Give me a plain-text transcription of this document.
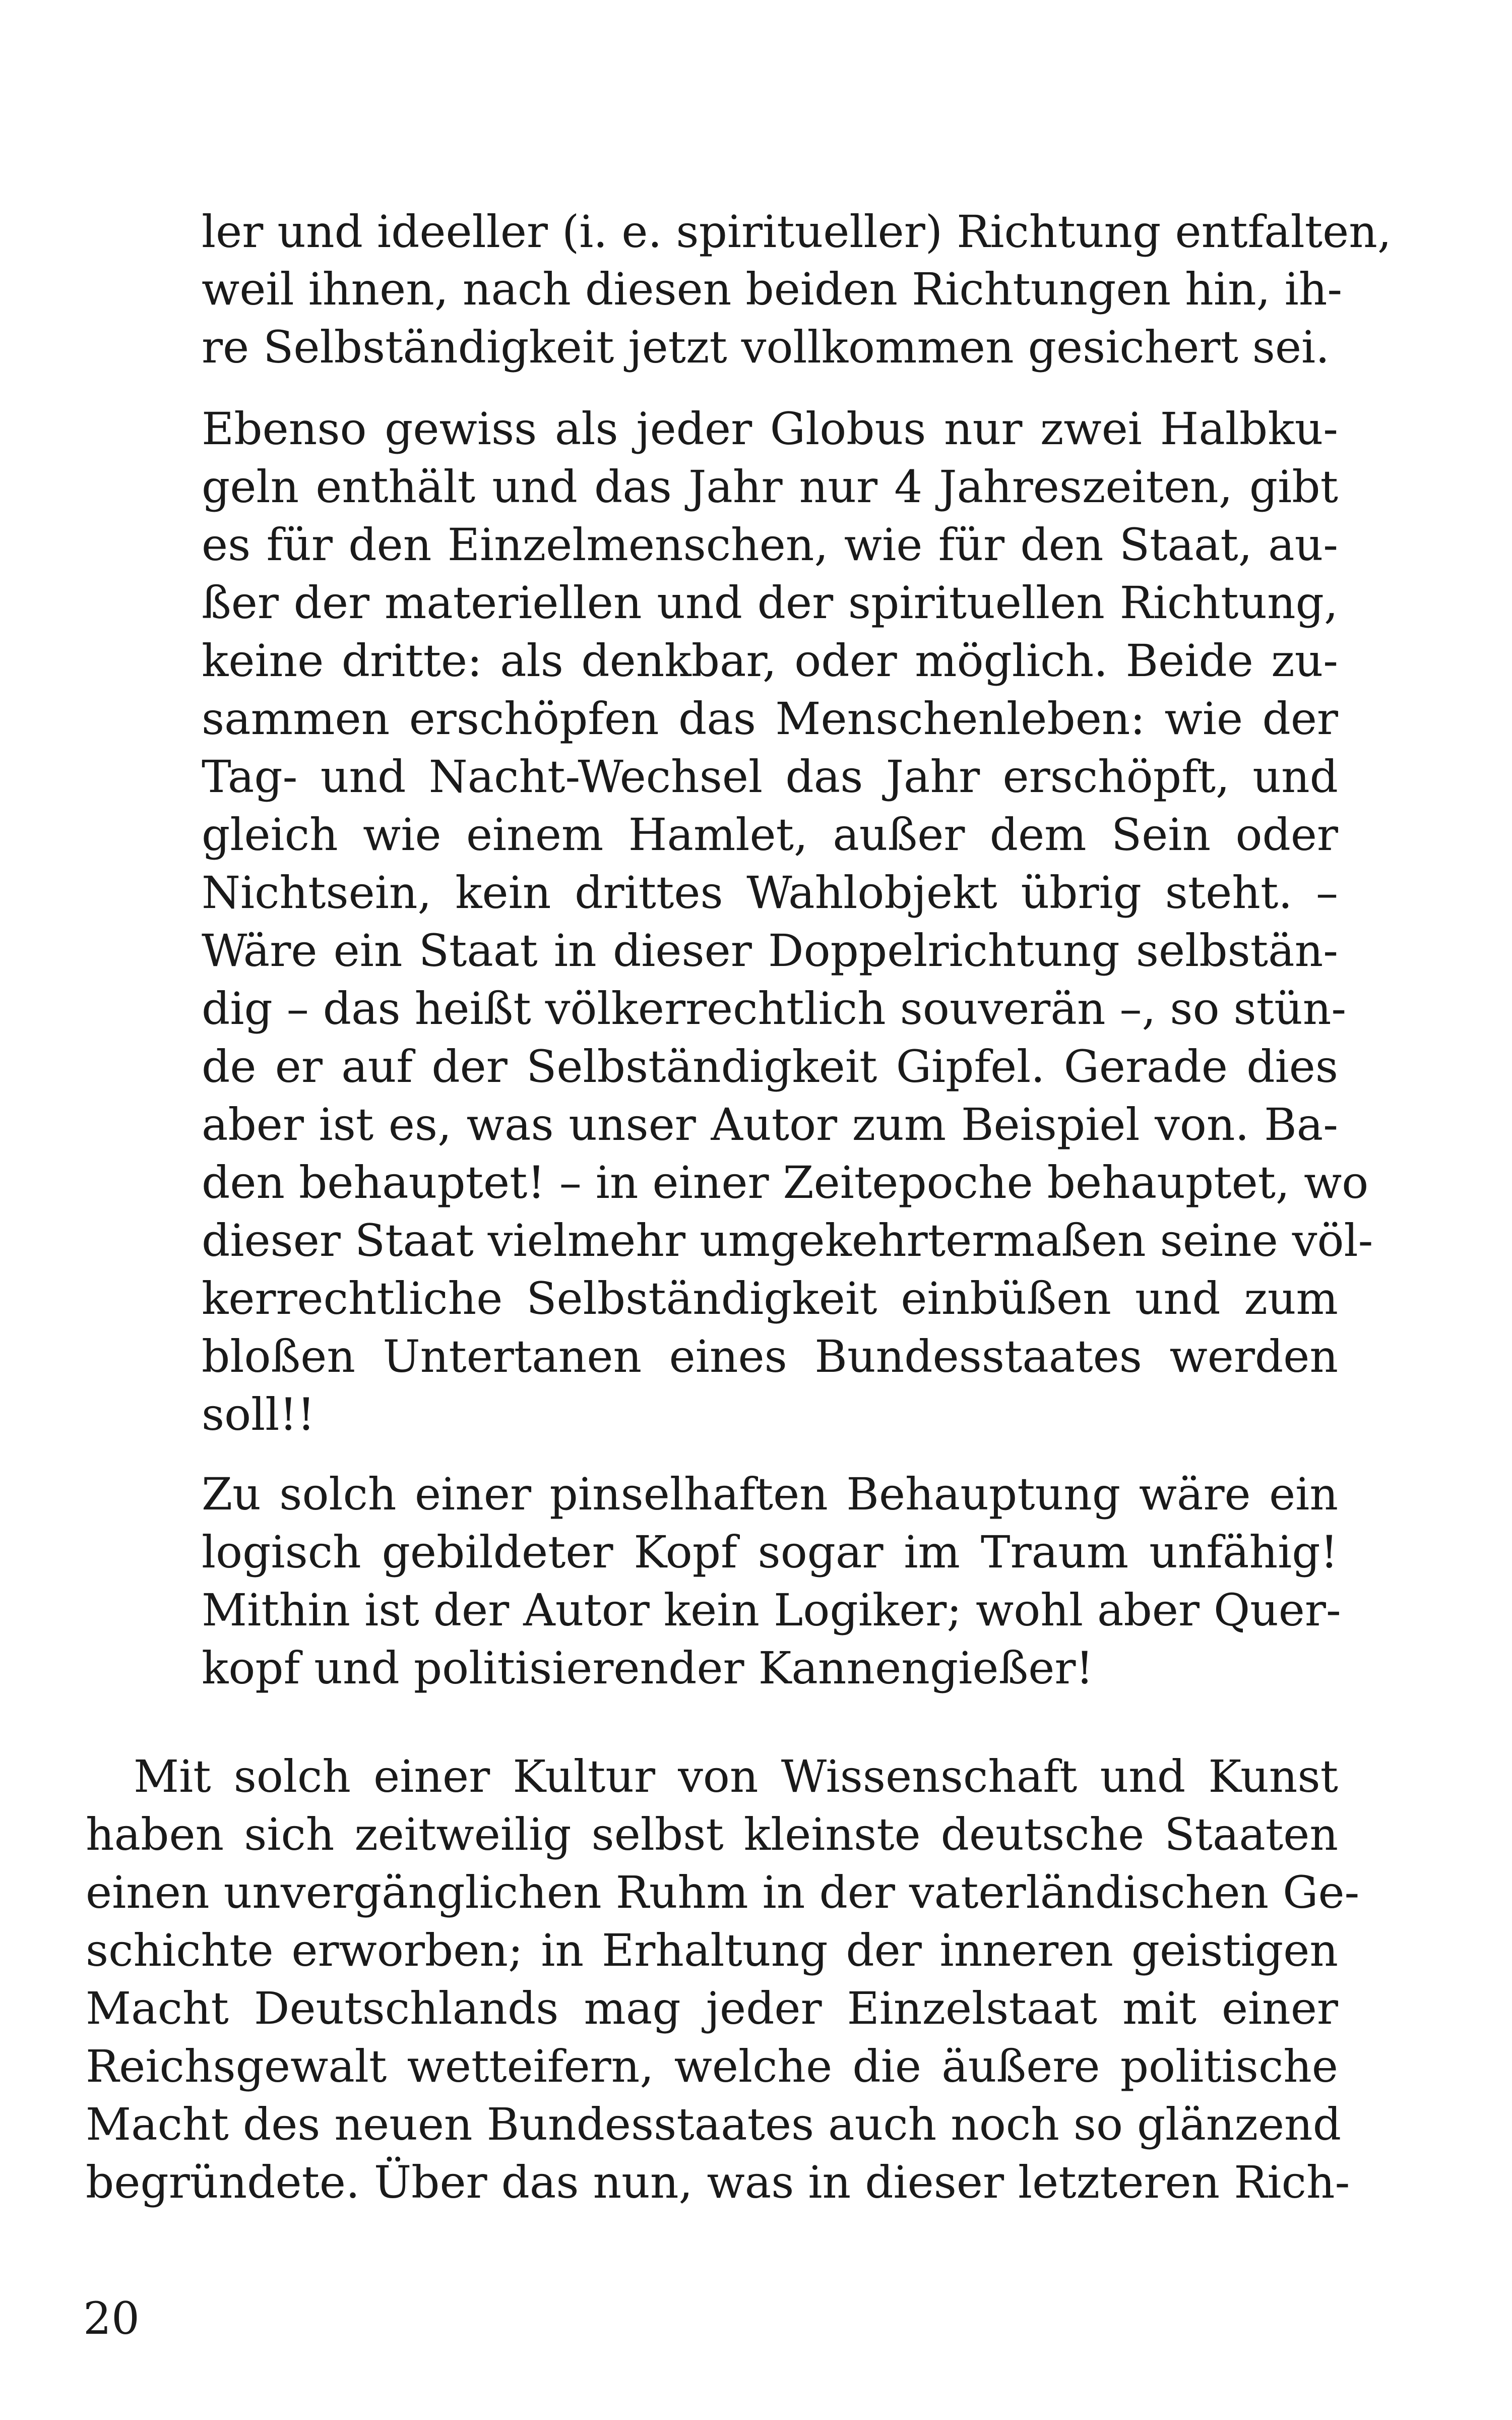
ler und ideeller (i. e. spiritueller) Richtung entfalten,

weil ihnen, nach diesen beiden Richtungen hin, ih-

re Selbständigkeit jetzt vollkommen gesichert sei.

Ebenso gewiss als jeder Globus nur zwei Halbku-

geln enthält und das Jahr nur 4 Jahreszeiten, gibt

es für den Einzelmenschen, wie für den Staat, au-

ßer der materiellen und der spirituellen Richtung,

keine dritte: als denkbar, oder möglich. Beide zu-

sammen erschöpfen das Menschenleben: wie der

Tag- und Nacht-Wechsel das Jahr erschöpft, und

gleich wie einem Hamlet, außer dem Sein oder

Nichtsein, kein drittes Wahlobjekt übrig steht. –

Wäre ein Staat in dieser Doppelrichtung selbstän-

dig – das heißt völkerrechtlich souverän –, so stün-

de er auf der Selbständigkeit Gipfel. Gerade dies

aber ist es, was unser Autor zum Beispiel von. Ba-

den behauptet! – in einer Zeitepoche behauptet, wo

dieser Staat vielmehr umgekehrtermaßen seine völ-

kerrechtliche Selbständigkeit einbüßen und zum

bloßen Untertanen eines Bundesstaates werden

soll!!

Zu solch einer pinselhaften Behauptung wäre ein

logisch gebildeter Kopf sogar im Traum unfähig!

Mithin ist der Autor kein Logiker; wohl aber Quer-

kopf und politisierender Kannengießer!

Mit solch einer Kultur von Wissenschaft und Kunst

haben sich zeitweilig selbst kleinste deutsche Staaten

einen unvergänglichen Ruhm in der vaterländischen Ge-

schichte erworben; in Erhaltung der inneren geistigen

Macht Deutschlands mag jeder Einzelstaat mit einer

Reichsgewalt wetteifern, welche die äußere politische

Macht des neuen Bundesstaates auch noch so glänzend

begründete. Über das nun, was in dieser letzteren Rich-

20
